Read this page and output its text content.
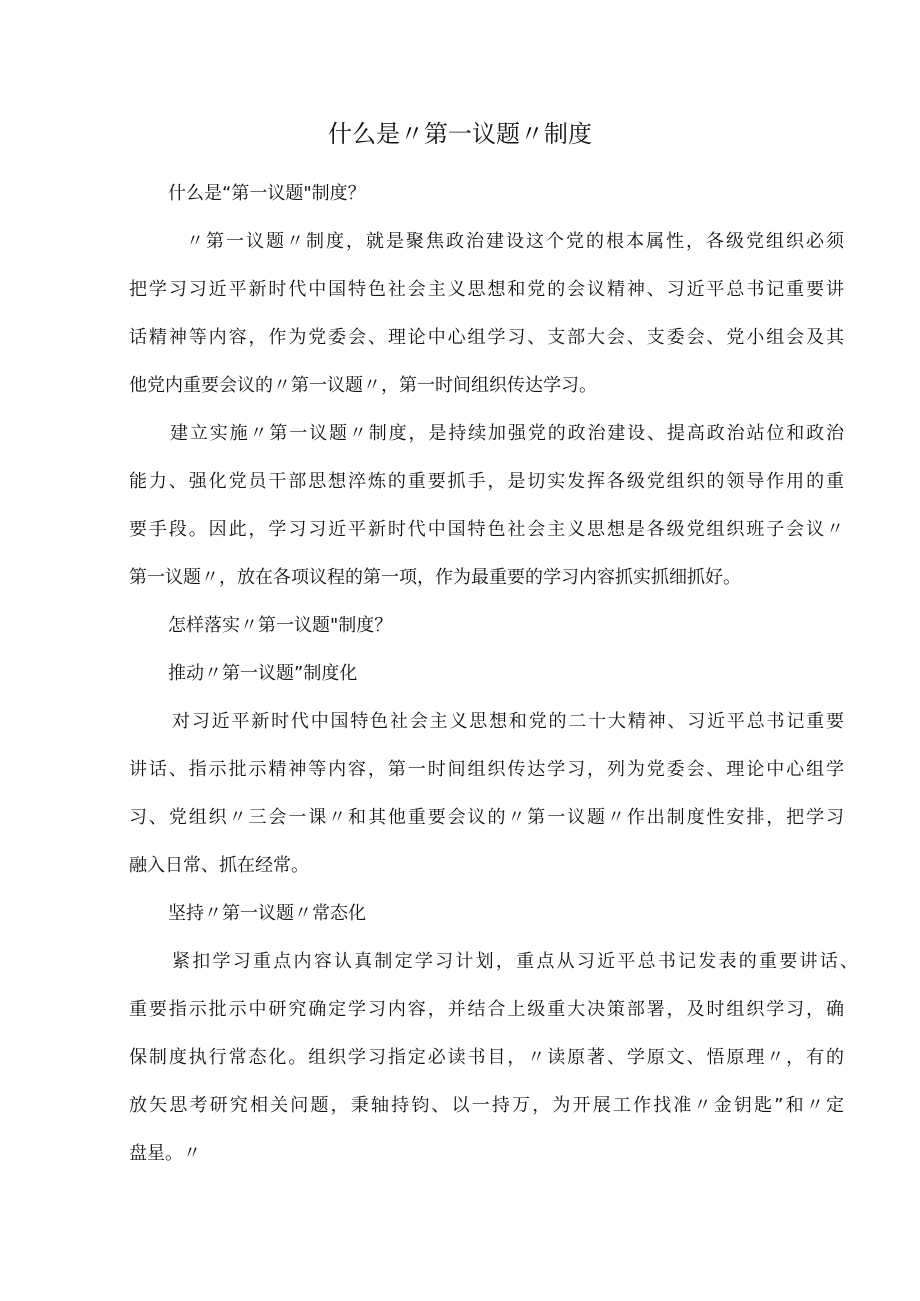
什么是〃第一议题〃制度

什么是“第一议题"制度？

〃第一议题〃制度，就是聚焦政治建设这个党的根本属性，各级党组织必须

把学习习近平新时代中国特色社会主义思想和党的会议精神、习近平总书记重要讲

话精神等内容，作为党委会、理论中心组学习、支部大会、支委会、党小组会及其

他党内重要会议的〃第一议题〃，第一时间组织传达学习。

建立实施〃第一议题〃制度，是持续加强党的政治建设、提高政治站位和政治

能力、强化党员干部思想淬炼的重要抓手，是切实发挥各级党组织的领导作用的重

要手段。因此，学习习近平新时代中国特色社会主义思想是各级党组织班子会议〃

第一议题〃，放在各项议程的第一项，作为最重要的学习内容抓实抓细抓好。

怎样落实〃第一议题"制度？

推动〃第一议题”制度化

对习近平新时代中国特色社会主义思想和党的二十大精神、习近平总书记重要

讲话、指示批示精神等内容，第一时间组织传达学习，列为党委会、理论中心组学

习、党组织〃三会一课〃和其他重要会议的〃第一议题〃作出制度性安排，把学习

融入日常、抓在经常。

坚持〃第一议题〃常态化

紧扣学习重点内容认真制定学习计划，重点从习近平总书记发表的重要讲话、

重要指示批示中研究确定学习内容，并结合上级重大决策部署，及时组织学习，确

保制度执行常态化。组织学习指定必读书目，〃读原著、学原文、悟原理〃，有的

放矢思考研究相关问题，秉轴持钧、以一持万，为开展工作找准〃金钥匙”和〃定

盘星。〃
